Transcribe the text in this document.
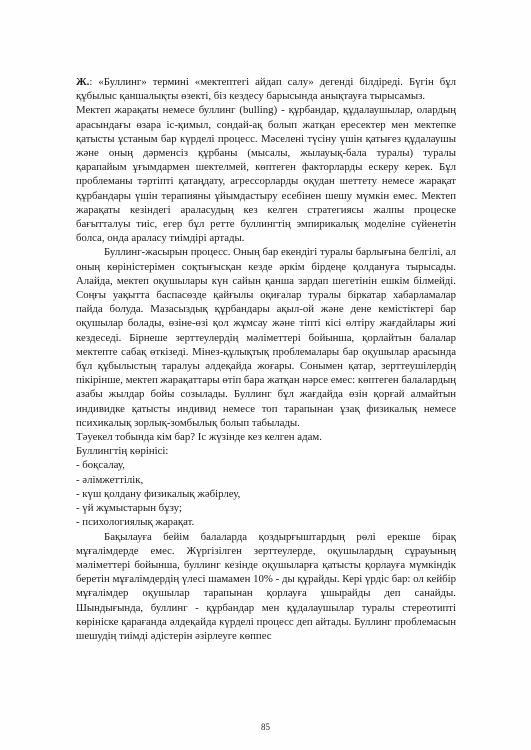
Ж.: «Буллинг» термині «мектептегі айдап салу» дегенді білдіреді. Бүгін бұл құбылыс қаншалықты өзекті, біз кездесу барысында анықтауға тырысамыз.

Мектеп жарақаты немесе буллинг (bulling) - құрбандар, құдалаушылар, олардың арасындағы өзара іс-қимыл, сондай-ақ болып жатқан ересектер мен мектепке қатысты ұстаным бар күрделі процесс. Мәселені түсіну үшін қатығез құдалаушы және оның дәрменсіз құрбаны (мысалы, жылауық-бала туралы) туралы қарапайым ұғымдармен шектелмей, көптеген факторларды ескеру керек. Бұл проблеманы тәртіпті қатаңдату, агрессорларды оқудан шеттету немесе жарақат құрбандары үшін терапияны ұйымдастыру есебінен шешу мүмкін емес. Мектеп жарақаты кезіндегі араласудың кез келген стратегиясы жалпы процеске бағытталуы тиіс, егер бұл ретте буллингтің эмпирикалық моделіне сүйенетін болса, онда араласу тиімдірі артады.

Буллинг-жасырын процесс. Оның бар екендігі туралы барлығына белгілі, ал оның көріністерімен соқтығысқан кезде әркім бірдеңе қолдануға тырысады. Алайда, мектеп оқушылары күн сайын қанша зардап шегетінін ешкім білмейді. Соңғы уақытта баспасөзде қайғылы оқиғалар туралы біркатар хабарламалар пайда болуда. Мазасыздық құрбандары ақыл-ой және дене кемістіктері бар оқушылар болады, өзіне-өзі қол жұмсау және тіпті кісі өлтіру жағдайлары жиі кездеседі. Бірнеше зерттеулердің мәліметтері бойынша, қорлайтын балалар мектепте сабақ өткізеді. Мінез-құлықтық проблемалары бар оқушылар арасында бұл құбылыстың таралуы әлдеқайда жоғары. Сонымен қатар, зерттеушілердің пікірінше, мектеп жарақаттары өтіп бара жатқан нәрсе емес: көптеген балалардың азабы жылдар бойы созылады. Буллинг бұл жағдайда өзін қорғай алмайтын индивидке қатысты индивид немесе топ тарапынан ұзақ физикалық немесе психикалық зорлық-зомбылық болып табылады.

Тәуекел тобында кім бар? Іс жүзінде кез келген адам.

Буллингтің көрінісі:

- боқсалау,

- әлімжеттілік,

- күш қолдану физикалық жәбірлеу,

- үй жұмыстарын бұзу;

- психологиялық жарақат.

Бақылауға бейім балаларда қоздырғыштардың рөлі ерекше бірақ мұғалімдерде емес. Жүргізілген зерттеулерде, оқушылардың сұрауының мәліметтері бойынша, буллинг кезінде оқушыларға қатысты қорлауға мүмкіндік беретін мұғалімдердің үлесі шамамен 10% - ды құрайды. Кері үрдіс бар: ол кейбір мұғалімдер оқушылар тарапынан қорлауға ұшырайды деп санайды. Шындығында, буллинг - құрбандар мен құдалаушылар туралы стереотипті көрініске қарағанда әлдеқайда күрделі процесс деп айтады. Буллинг проблемасын шешудің тиімді әдістерін әзірлеуге көппес

85
